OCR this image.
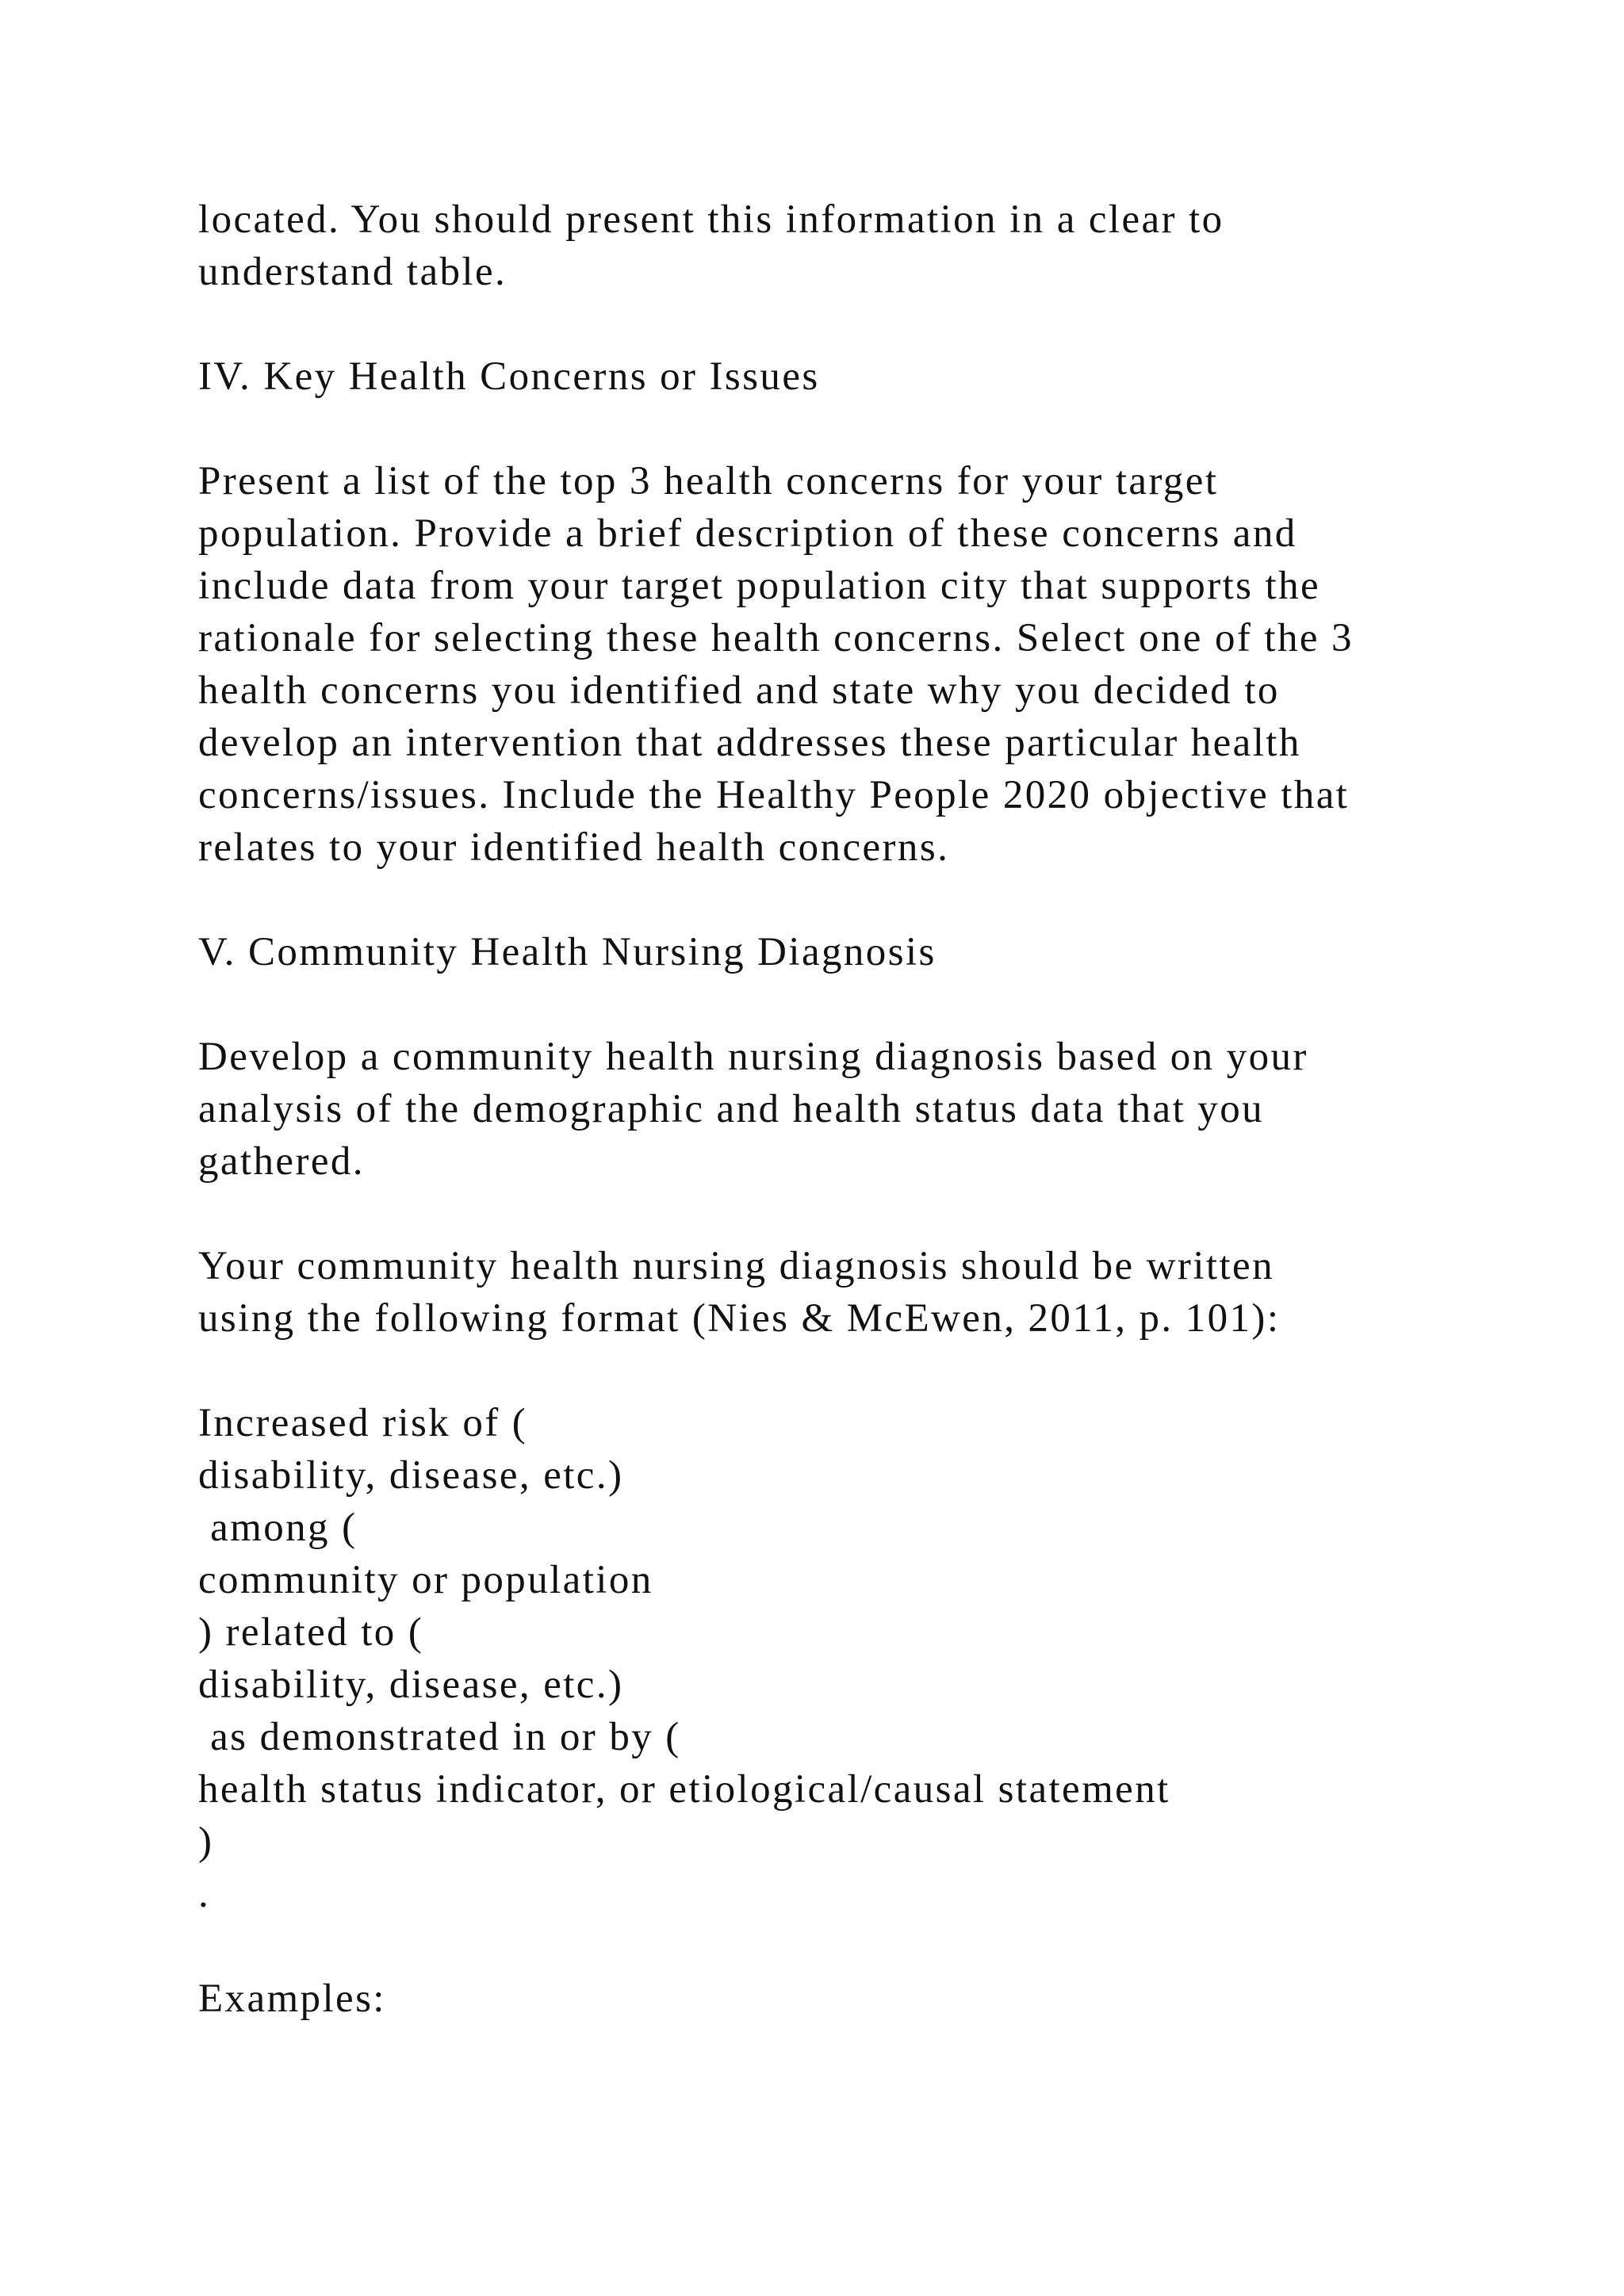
located. You should present this information in a clear to
understand table.
IV. Key Health Concerns or Issues
Present a list of the top 3 health concerns for your target
population. Provide a brief description of these concerns and
include data from your target population city that supports the
rationale for selecting these health concerns. Select one of the 3
health concerns you identified and state why you decided to
develop an intervention that addresses these particular health
concerns/issues. Include the Healthy People 2020 objective that
relates to your identified health concerns.
V. Community Health Nursing Diagnosis
Develop a community health nursing diagnosis based on your
analysis of the demographic and health status data that you
gathered.
Your community health nursing diagnosis should be written
using the following format (Nies & McEwen, 2011, p. 101):
Increased risk of (
disability, disease, etc.)
among (
community or population
) related to (
disability, disease, etc.)
as demonstrated in or by (
health status indicator, or etiological/causal statement
)
.
Examples:
